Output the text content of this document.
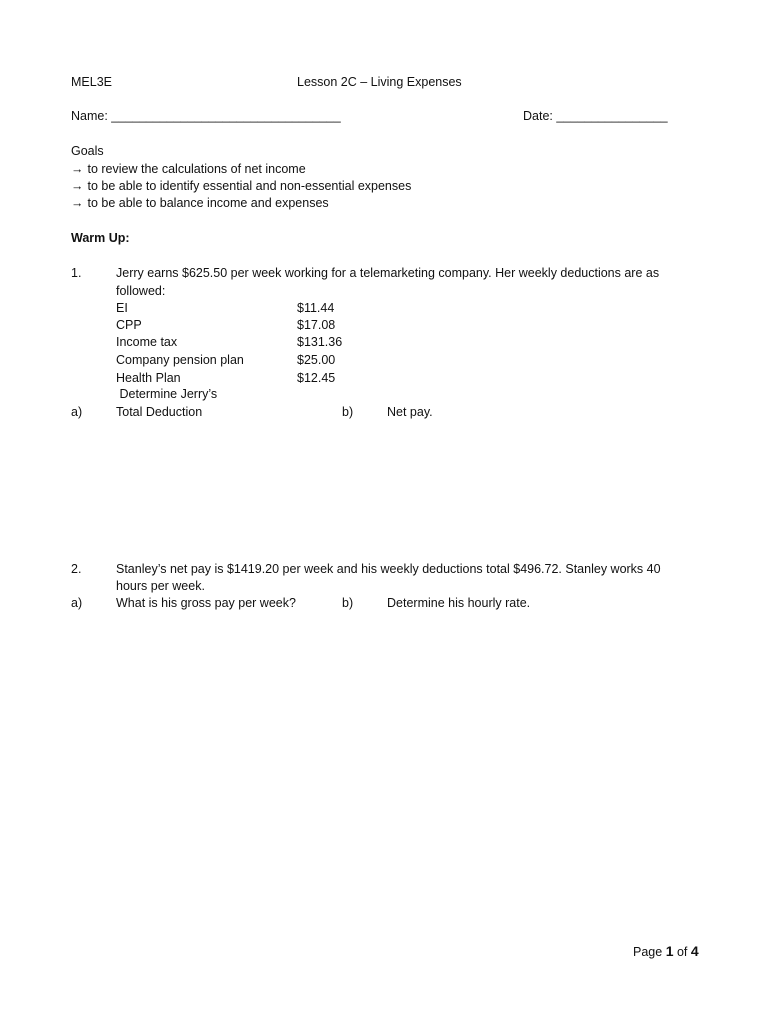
MEL3E	Lesson 2C – Living Expenses
Name: _________________________________	Date: ________________
Goals
→ to review the calculations of net income
→ to be able to identify essential and non-essential expenses
→ to be able to balance income and expenses
Warm Up:
1.	Jerry earns $625.50 per week working for a telemarketing company. Her weekly deductions are as
followed:
EI	$11.44
CPP	$17.08
Income tax	$131.36
Company pension plan	$25.00
Health Plan	$12.45
Determine Jerry’s
a)	Total Deduction	b)	Net pay.
2.	Stanley’s net pay is $1419.20 per week and his weekly deductions total $496.72. Stanley works 40
hours per week.
a)	What is his gross pay per week?	b)	Determine his hourly rate.
Page 1 of 4
